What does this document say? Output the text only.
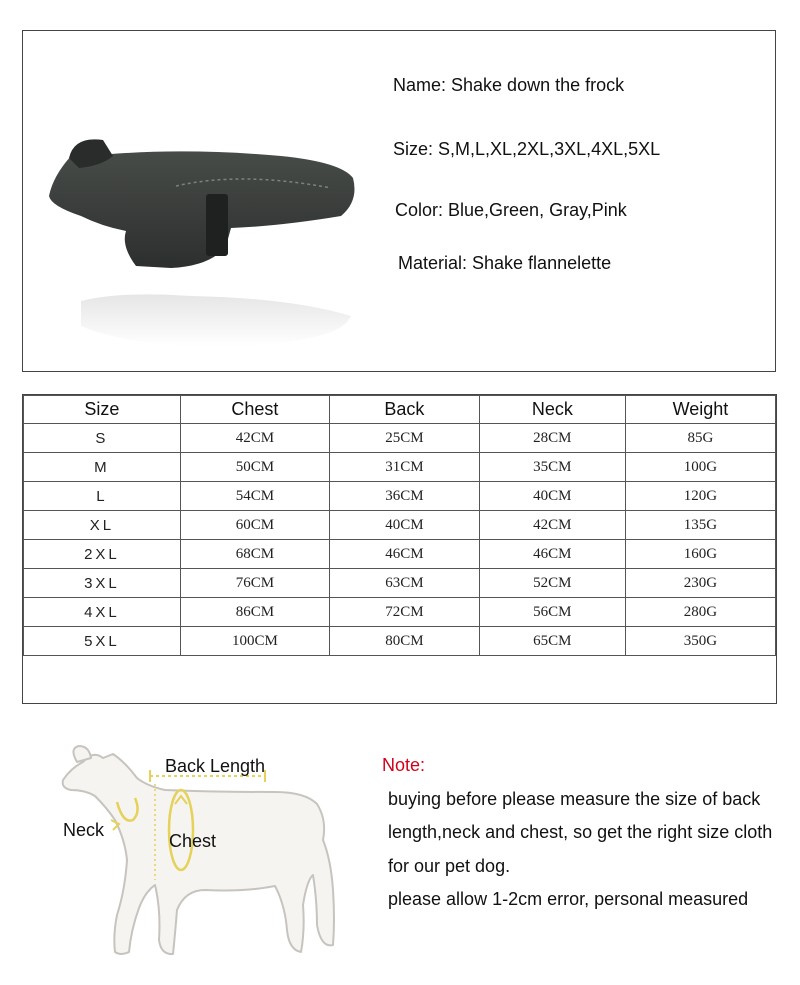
Name: Shake down the frock
Size: S,M,L,XL,2XL,3XL,4XL,5XL
Color: Blue,Green, Gray,Pink
Material: Shake flannelette
Size	Chest	Back	Neck	Weight
S	42CM	25CM	28CM	85G
M	50CM	31CM	35CM	100G
L	54CM	36CM	40CM	120G
XL	60CM	40CM	42CM	135G
2XL	68CM	46CM	46CM	160G
3XL	76CM	63CM	52CM	230G
4XL	86CM	72CM	56CM	280G
5XL	100CM	80CM	65CM	350G
Back Length
Neck
Chest
Note:
buying before please measure the size of back
length,neck and chest, so get the right size cloth
for our pet dog.
please allow 1-2cm error, personal measured
